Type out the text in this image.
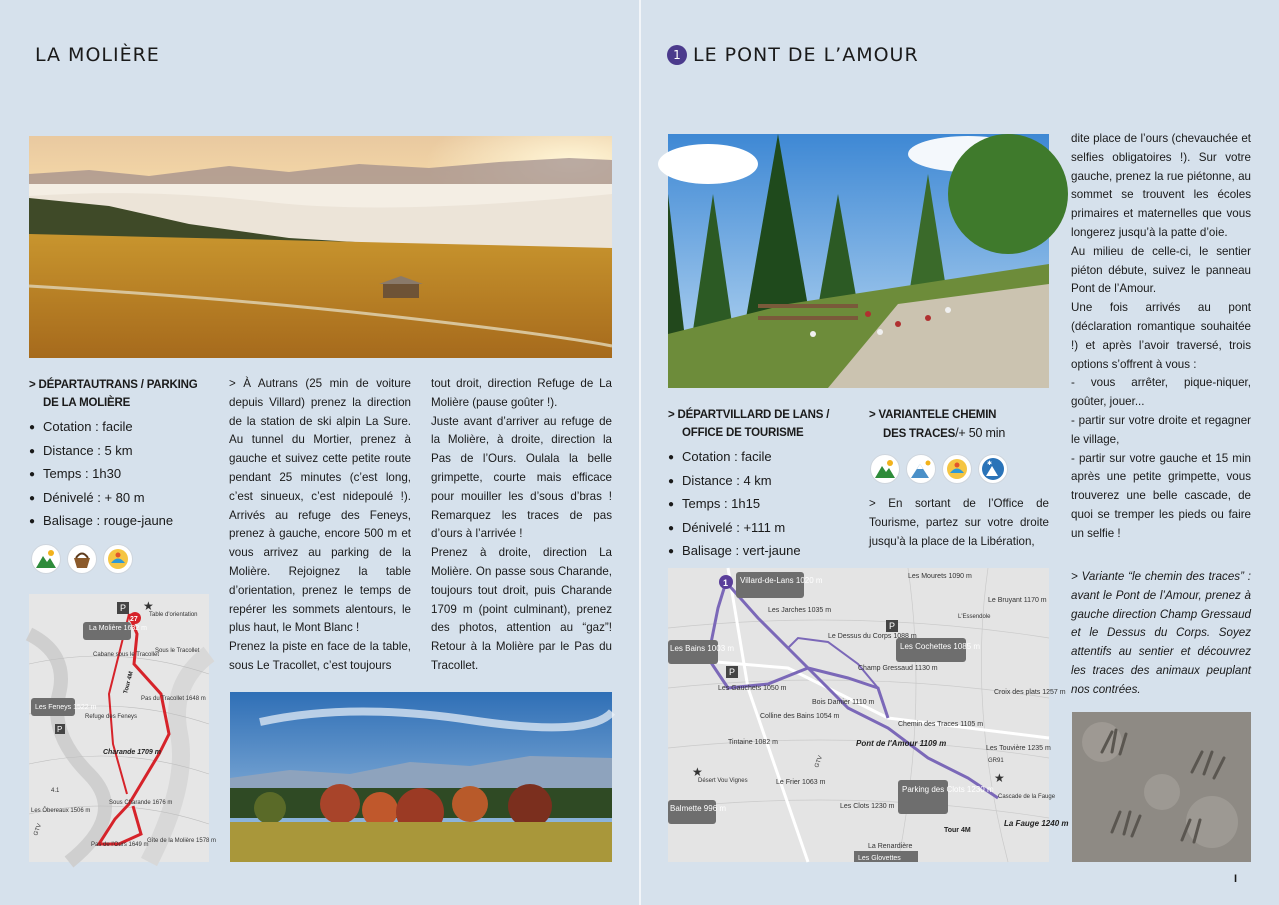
LA MOLIÈRE
> DÉPARTAUTRANS / PARKING
DE LA MOLIÈRE
● Cotation : facile
● Distance : 5 km
● Temps : 1h30
● Dénivelé : + 80 m
● Balisage : rouge-jaune
La Molière 1632 m
Les Feneys 1522 m
Table d'orientation
Cabane sous le Tracollet
Sous le Tracollet
Pas du Tracollet 1648 m
Refuge des Feneys
Charande 1709 m
Tour 4M
Les Ôbereaux 1506 m
Sous Charande 1676 m
Pas de l'Ours 1649 m
Gîte de la Molière 1578 m
GTV
4.1
27
P
P
★

> À Autrans (25 min de voiture depuis Villard) prenez la direction de la station de ski alpin La Sure. Au tunnel du Mortier, prenez à gauche et suivez cette petite route pendant 25 minutes (c’est long, c’est sinueux, c’est nidepoulé !). Arrivés au refuge des Feneys, prenez à gauche, encore 500 m et vous arrivez au parking de la Molière. Rejoignez la table d’orientation, prenez le temps de repérer les sommets alentours, le plus haut, le Mont Blanc !

Prenez la piste en face de la table, sous Le Tracollet, c’est toujours

tout droit, direction Refuge de La Molière (pause goûter !).

Juste avant d’arriver au refuge de la Molière, à droite, direction la Pas de l’Ours. Oulala la belle grimpette, courte mais efficace pour mouiller les d’sous d’bras ! Remarquez les traces de pas d’ours à l’arrivée !

Prenez à droite, direction La Molière. On passe sous Charande, toujours tout droit, puis Charande 1709 m (point culminant), prenez des photos, attention au “gaz”! Retour à la Molière par le Pas du Tracollet.

1 LE PONT DE L’AMOUR
> DÉPARTVILLARD DE LANS /
OFFICE DE TOURISME
● Cotation : facile
● Distance : 4 km
● Temps : 1h15
● Dénivelé : +111 m
● Balisage : vert-jaune
> VARIANTELE CHEMIN
DES TRACES/+ 50 min
✱

> En sortant de l’Office de Tourisme, partez sur votre droite jusqu’à la place de la Libération,

1 Villard-de-Lans 1020 m
Les Bains 1003 m	Les Cochettes 1085 m
Balmette 996 m
Parking des Clots 1230 m
Les Mourets 1090 m
Le Bruyant 1170 m
Les Jarches 1035 m
L'Essendole
Le Dessus du Corps 1088 m
Champ Gressaud 1130 m
Les Gauchets 1050 m
Bois Damier 1110 m
Croix des plats 1257 m
Colline des Bains 1054 m
Chemin des Traces 1105 m
Tintaine 1082 m	Pont de l'Amour 1109 m
Les Touvière 1235 m
Désert Vou Vignes	Le Frier 1063 m
GTV
Cascade de la Fauge
Les Clots 1230 m
Tour 4M
La Fauge 1240 m
La Renardière
Les Glovettes
GR91
P
P
★	★

dite place de l’ours (chevauchée et selfies obligatoires !). Sur votre gauche, prenez la rue piétonne, au sommet se trouvent les écoles primaires et maternelles que vous longerez jusqu’à la patte d’oie.

Au milieu de celle-ci, le sentier piéton débute, suivez le panneau Pont de l’Amour.

Une fois arrivés au pont (déclaration romantique souhaitée !) et après l’avoir traversé, trois options s’offrent à vous :

- vous arrêter, pique-niquer, goûter, jouer...

- partir sur votre droite et regagner le village,

- partir sur votre gauche et 15 min après une petite grimpette, vous trouverez une belle cascade, de quoi se tremper les pieds ou faire un selfie !

> Variante “le chemin des traces” : avant le Pont de l’Amour, prenez à gauche direction Champ Gressaud et le Dessus du Corps. Soyez attentifs au sentier et découvrez les traces des animaux peuplant nos contrées.

I
